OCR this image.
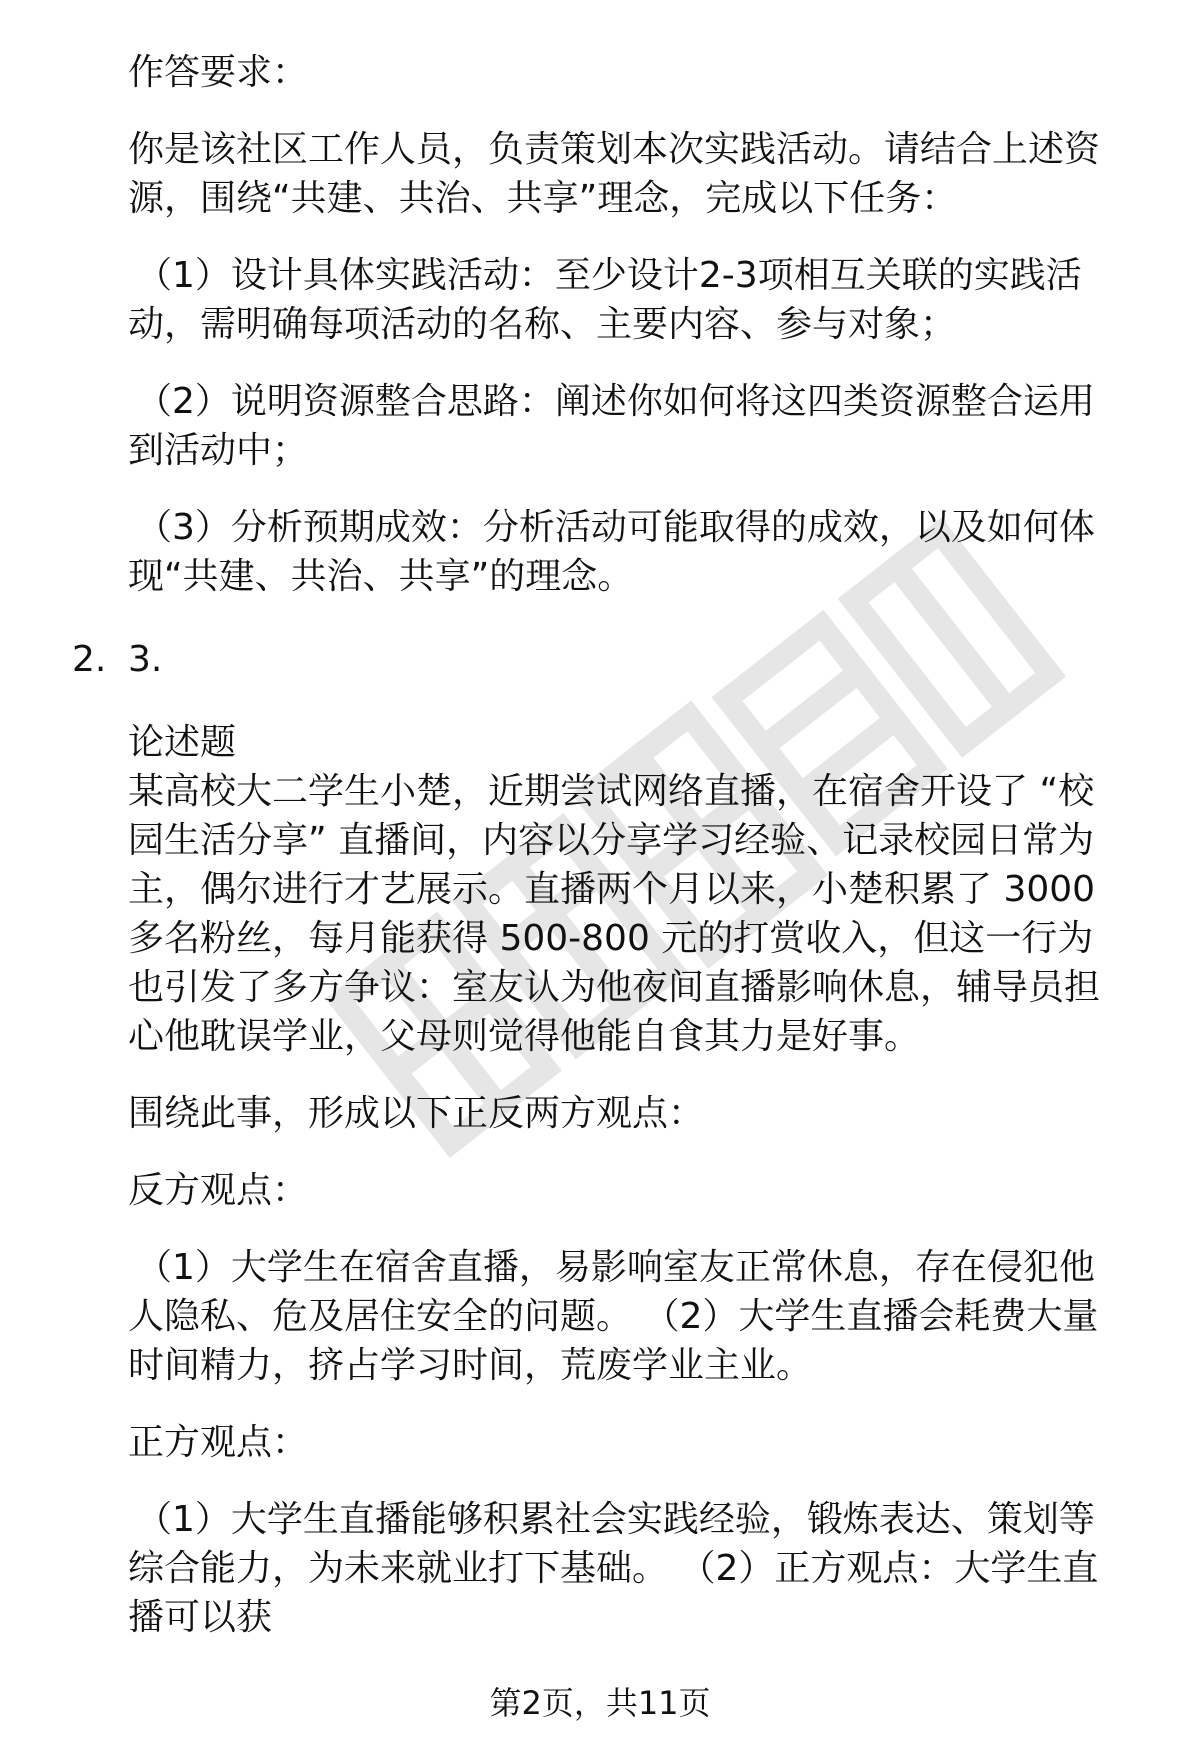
作答要求：

你是该社区工作人员，负责策划本次实践活动。请结合上述资源，围绕“共建、共治、共享”理念，完成以下任务：

（1）设计具体实践活动：至少设计2-3项相互关联的实践活动，需明确每项活动的名称、主要内容、参与对象；

（2）说明资源整合思路：阐述你如何将这四类资源整合运用到活动中；

（3）分析预期成效：分析活动可能取得的成效，以及如何体现“共建、共治、共享”的理念。

2. 3.

论述题

某高校大二学生小楚，近期尝试网络直播，在宿舍开设了 “校园生活分享” 直播间，内容以分享学习经验、记录校园日常为主，偶尔进行才艺展示。直播两个月以来，小楚积累了 3000 多名粉丝，每月能获得 500-800 元的打赏收入，但这一行为也引发了多方争议：室友认为他夜间直播影响休息，辅导员担心他耽误学业，父母则觉得他能自食其力是好事。

围绕此事，形成以下正反两方观点：

反方观点：

（1）大学生在宿舍直播，易影响室友正常休息，存在侵犯他人隐私、危及居住安全的问题。 （2）大学生直播会耗费大量时间精力，挤占学习时间，荒废学业主业。

正方观点：

（1）大学生直播能够积累社会实践经验，锻炼表达、策划等综合能力，为未来就业打下基础。 （2）正方观点：大学生直播可以获

第2页，共11页
